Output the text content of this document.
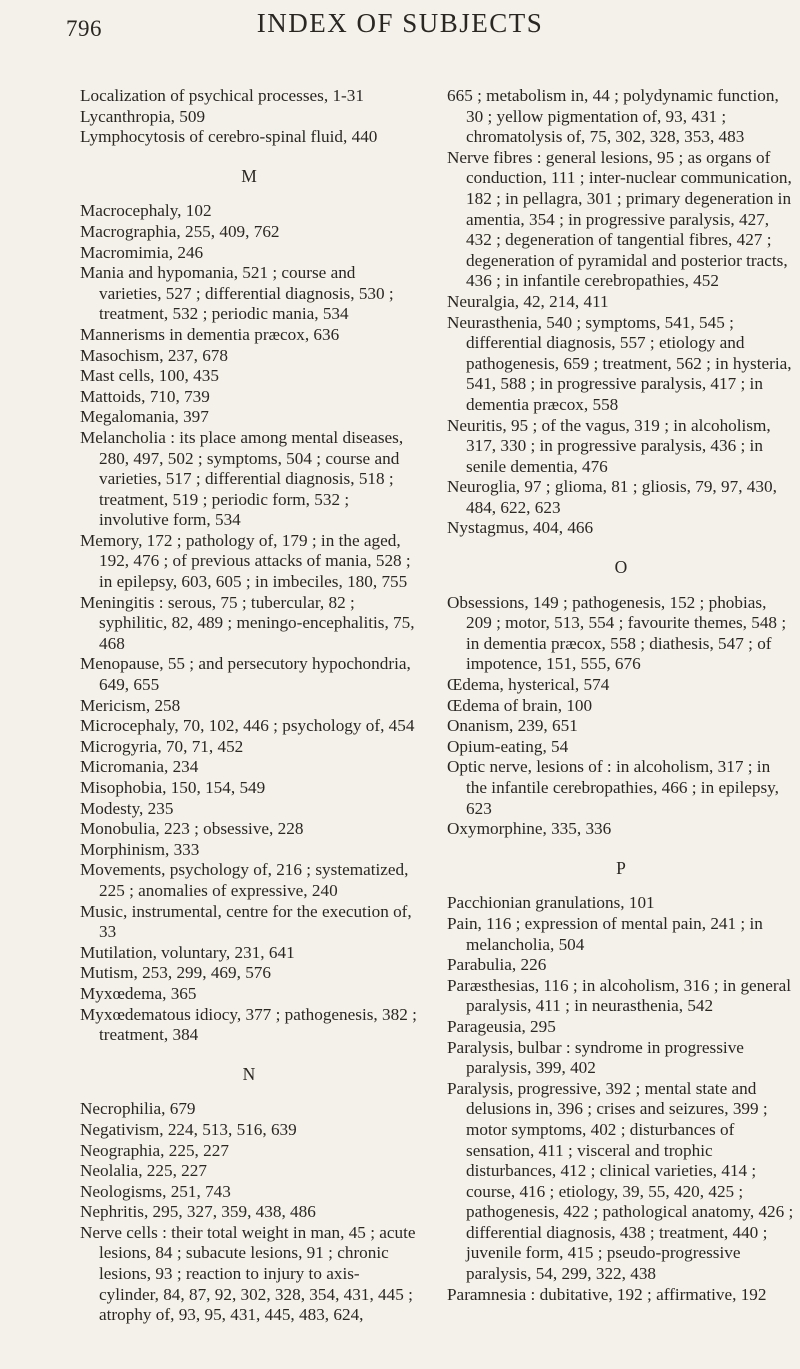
796	INDEX OF SUBJECTS
Localization of psychical processes, 1-31
Lycanthropia, 509
Lymphocytosis of cerebro-spinal fluid, 440
M
Macrocephaly, 102
Macrographia, 255, 409, 762
Macromimia, 246
Mania and hypomania, 521 ; course and varieties, 527 ; differential diagnosis, 530 ; treatment, 532 ; periodic mania, 534
Mannerisms in dementia præcox, 636
Masochism, 237, 678
Mast cells, 100, 435
Mattoids, 710, 739
Megalomania, 397
Melancholia : its place among mental diseases, 280, 497, 502 ; symptoms, 504 ; course and varieties, 517 ; differential diagnosis, 518 ; treatment, 519 ; periodic form, 532 ; involutive form, 534
Memory, 172 ; pathology of, 179 ; in the aged, 192, 476 ; of previous attacks of mania, 528 ; in epilepsy, 603, 605 ; in imbeciles, 180, 755
Meningitis : serous, 75 ; tubercular, 82 ; syphilitic, 82, 489 ; meningo-encephalitis, 75, 468
Menopause, 55 ; and persecutory hypochondria, 649, 655
Mericism, 258
Microcephaly, 70, 102, 446 ; psychology of, 454
Microgyria, 70, 71, 452
Micromania, 234
Misophobia, 150, 154, 549
Modesty, 235
Monobulia, 223 ; obsessive, 228
Morphinism, 333
Movements, psychology of, 216 ; systematized, 225 ; anomalies of expressive, 240
Music, instrumental, centre for the execution of, 33
Mutilation, voluntary, 231, 641
Mutism, 253, 299, 469, 576
Myxœdema, 365
Myxœdematous idiocy, 377 ; pathogenesis, 382 ; treatment, 384
N
Necrophilia, 679
Negativism, 224, 513, 516, 639
Neographia, 225, 227
Neolalia, 225, 227
Neologisms, 251, 743
Nephritis, 295, 327, 359, 438, 486
Nerve cells : their total weight in man, 45 ; acute lesions, 84 ; subacute lesions, 91 ; chronic lesions, 93 ; reaction to injury to axis-cylinder, 84, 87, 92, 302, 328, 354, 431, 445 ; atrophy of, 93, 95, 431, 445, 483, 624,
665 ; metabolism in, 44 ; polydynamic function, 30 ; yellow pigmentation of, 93, 431 ; chromatolysis of, 75, 302, 328, 353, 483
Nerve fibres : general lesions, 95 ; as organs of conduction, 111 ; inter-nuclear communication, 182 ; in pellagra, 301 ; primary degeneration in amentia, 354 ; in progressive paralysis, 427, 432 ; degeneration of tangential fibres, 427 ; degeneration of pyramidal and posterior tracts, 436 ; in infantile cerebropathies, 452
Neuralgia, 42, 214, 411
Neurasthenia, 540 ; symptoms, 541, 545 ; differential diagnosis, 557 ; etiology and pathogenesis, 659 ; treatment, 562 ; in hysteria, 541, 588 ; in progressive paralysis, 417 ; in dementia præcox, 558
Neuritis, 95 ; of the vagus, 319 ; in alcoholism, 317, 330 ; in progressive paralysis, 436 ; in senile dementia, 476
Neuroglia, 97 ; glioma, 81 ; gliosis, 79, 97, 430, 484, 622, 623
Nystagmus, 404, 466
O
Obsessions, 149 ; pathogenesis, 152 ; phobias, 209 ; motor, 513, 554 ; favourite themes, 548 ; in dementia præcox, 558 ; diathesis, 547 ; of impotence, 151, 555, 676
Œdema, hysterical, 574
Œdema of brain, 100
Onanism, 239, 651
Opium-eating, 54
Optic nerve, lesions of : in alcoholism, 317 ; in the infantile cerebropathies, 466 ; in epilepsy, 623
Oxymorphine, 335, 336
P
Pacchionian granulations, 101
Pain, 116 ; expression of mental pain, 241 ; in melancholia, 504
Parabulia, 226
Paræsthesias, 116 ; in alcoholism, 316 ; in general paralysis, 411 ; in neurasthenia, 542
Parageusia, 295
Paralysis, bulbar : syndrome in progressive paralysis, 399, 402
Paralysis, progressive, 392 ; mental state and delusions in, 396 ; crises and seizures, 399 ; motor symptoms, 402 ; disturbances of sensation, 411 ; visceral and trophic disturbances, 412 ; clinical varieties, 414 ; course, 416 ; etiology, 39, 55, 420, 425 ; pathogenesis, 422 ; pathological anatomy, 426 ; differential diagnosis, 438 ; treatment, 440 ; juvenile form, 415 ; pseudo-progressive paralysis, 54, 299, 322, 438
Paramnesia : dubitative, 192 ; affirmative, 192
